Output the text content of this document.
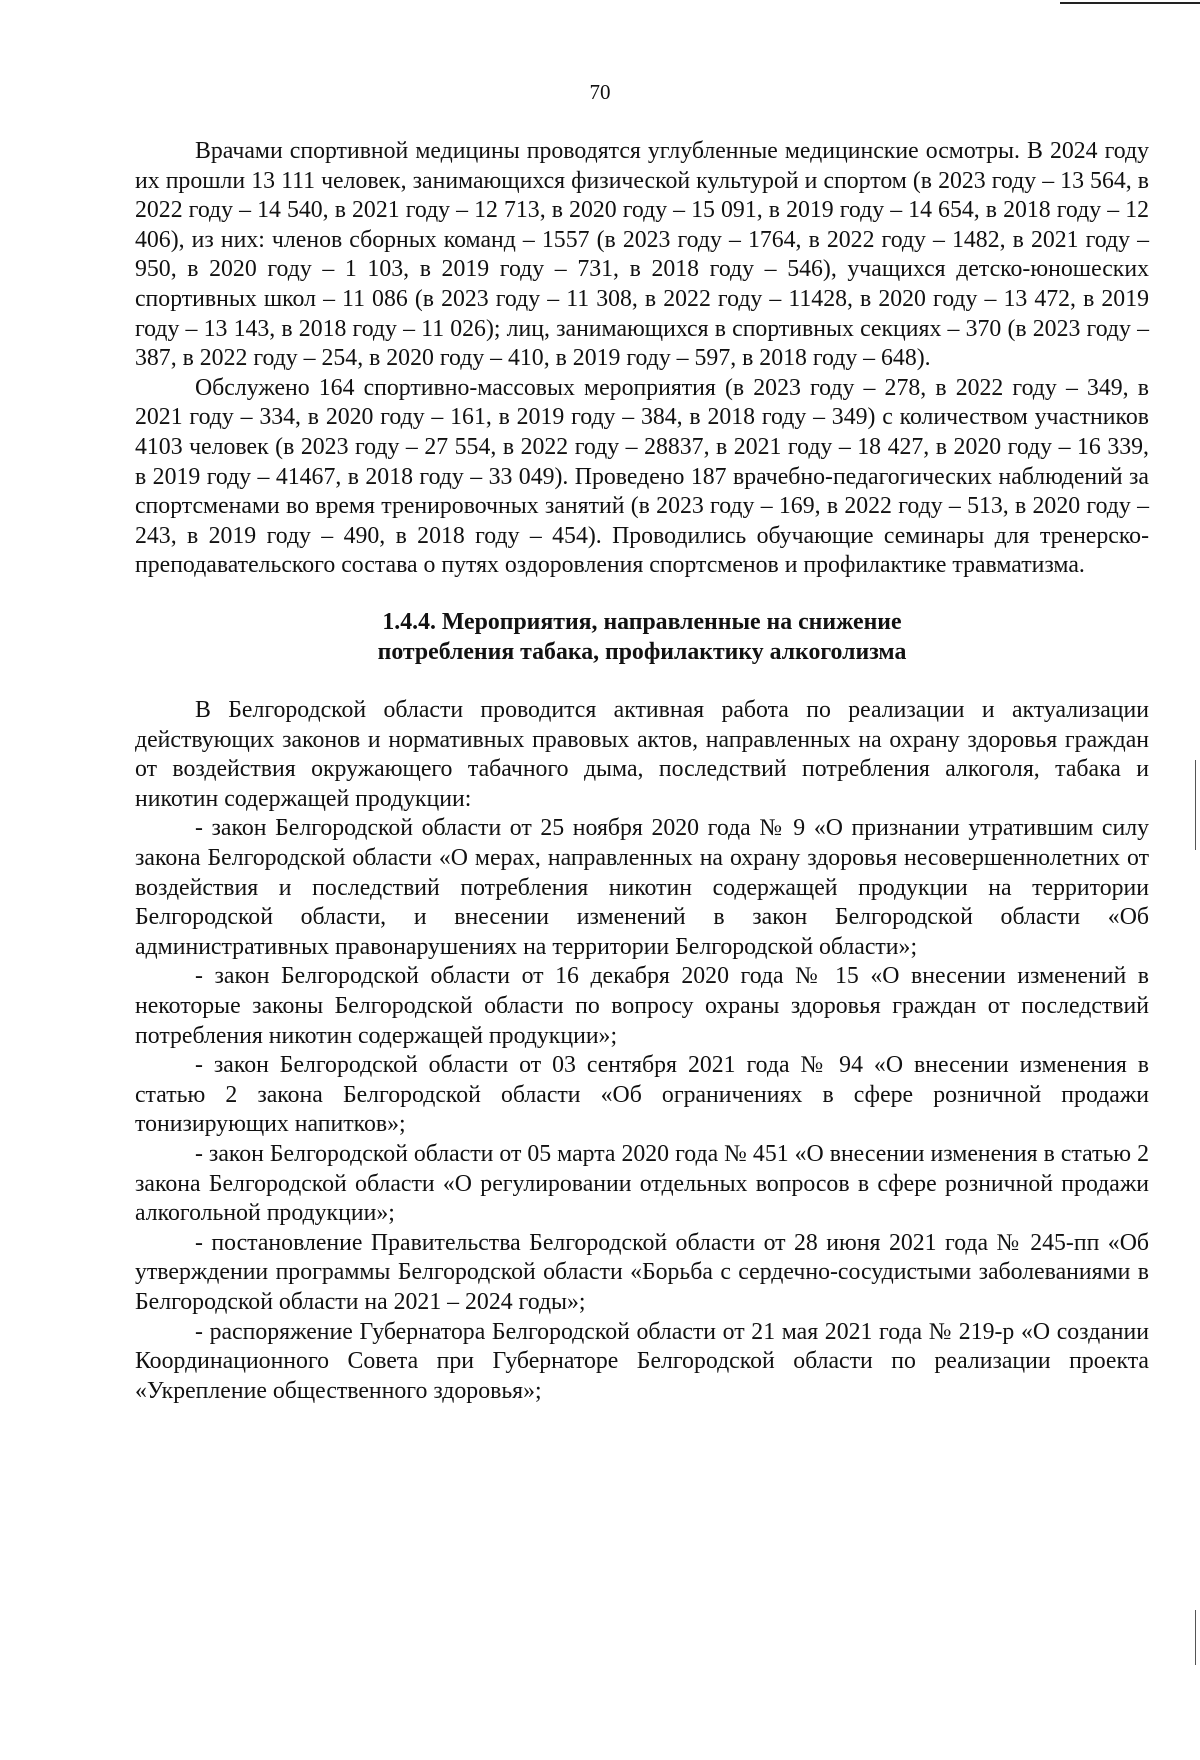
70

Врачами спортивной медицины проводятся углубленные медицинские осмотры. В 2024 году их прошли 13 111 человек, занимающихся физической культурой и спортом (в 2023 году – 13 564, в 2022 году – 14 540, в 2021 году – 12 713, в 2020 году – 15 091, в 2019 году – 14 654, в 2018 году – 12 406), из них: членов сборных команд – 1557 (в 2023 году – 1764, в 2022 году – 1482, в 2021 году – 950, в 2020 году – 1 103, в 2019 году – 731, в 2018 году – 546), учащихся детско-юношеских спортивных школ – 11 086 (в 2023 году – 11 308, в 2022 году – 11428, в 2020 году – 13 472, в 2019 году – 13 143, в 2018 году – 11 026); лиц, занимающихся в спортивных секциях – 370 (в 2023 году – 387, в 2022 году – 254, в 2020 году – 410, в 2019 году – 597, в 2018 году – 648).

Обслужено 164 спортивно-массовых мероприятия (в 2023 году – 278, в 2022 году – 349, в 2021 году – 334, в 2020 году – 161, в 2019 году – 384, в 2018 году – 349) с количеством участников 4103 человек (в 2023 году – 27 554, в 2022 году – 28837, в 2021 году – 18 427, в 2020 году – 16 339, в 2019 году – 41467, в 2018 году – 33 049). Проведено 187 врачебно-педагогических наблюдений за спортсменами во время тренировочных занятий (в 2023 году – 169, в 2022 году – 513, в 2020 году – 243, в 2019 году – 490, в 2018 году – 454). Проводились обучающие семинары для тренерско-преподавательского состава о путях оздоровления спортсменов и профилактике травматизма.

1.4.4. Мероприятия, направленные на снижение
потребления табака, профилактику алкоголизма

В Белгородской области проводится активная работа по реализации и актуализации действующих законов и нормативных правовых актов, направленных на охрану здоровья граждан от воздействия окружающего табачного дыма, последствий потребления алкоголя, табака и никотин содержащей продукции:

- закон Белгородской области от 25 ноября 2020 года № 9 «О признании утратившим силу закона Белгородской области «О мерах, направленных на охрану здоровья несовершеннолетних от воздействия и последствий потребления никотин содержащей продукции на территории Белгородской области, и внесении изменений в закон Белгородской области «Об административных правонарушениях на территории Белгородской области»;

- закон Белгородской области от 16 декабря 2020 года № 15 «О внесении изменений в некоторые законы Белгородской области по вопросу охраны здоровья граждан от последствий потребления никотин содержащей продукции»;

- закон Белгородской области от 03 сентября 2021 года № 94 «О внесении изменения в статью 2 закона Белгородской области «Об ограничениях в сфере розничной продажи тонизирующих напитков»;

- закон Белгородской области от 05 марта 2020 года № 451 «О внесении изменения в статью 2 закона Белгородской области «О регулировании отдельных вопросов в сфере розничной продажи алкогольной продукции»;

- постановление Правительства Белгородской области от 28 июня 2021 года № 245-пп «Об утверждении программы Белгородской области «Борьба с сердечно-сосудистыми заболеваниями в Белгородской области на 2021 – 2024 годы»;

- распоряжение Губернатора Белгородской области от 21 мая 2021 года № 219-р «О создании Координационного Совета при Губернаторе Белгородской области по реализации проекта «Укрепление общественного здоровья»;
